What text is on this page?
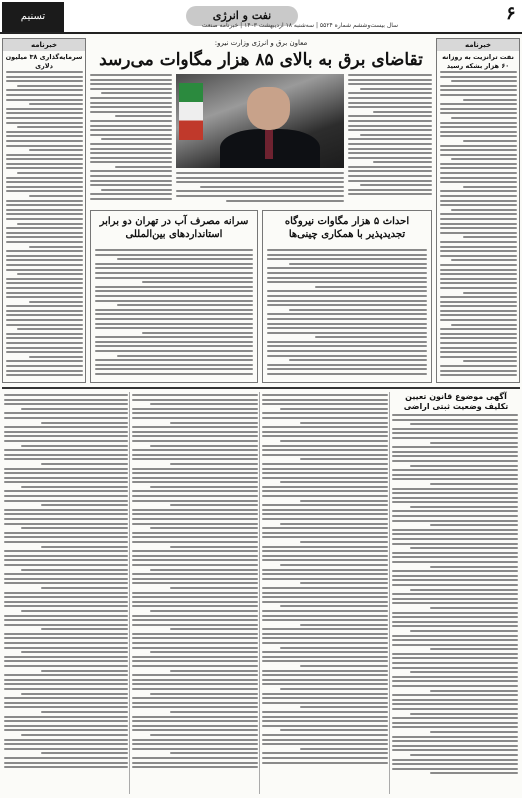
تسنیم	نفت و انرژی
سال بیست‌وششم شماره ۵۵۲۴ | سه‌شنبه ۱۸ اردیبهشت ۱۴۰۳ | خبرنامه صنعت
۶
خبرنامه
نفت ترانزیت به روزانه ۶۰ هزار بشکه رسید
خبرنامه
سرمایه‌گذاری ۳۸ میلیون دلاری
معاون برق و انرژی وزارت نیرو:
تقاضای برق به بالای ۸۵ هزار مگاوات می‌رسد
احداث ۵ هزار مگاوات نیروگاه تجدیدپذیر با همکاری چینی‌ها
سرانه مصرف آب در تهران دو برابر استانداردهای بین‌المللی
آگهی موضوع قانون تعیین تکلیف وضعیت ثبتی اراضی
